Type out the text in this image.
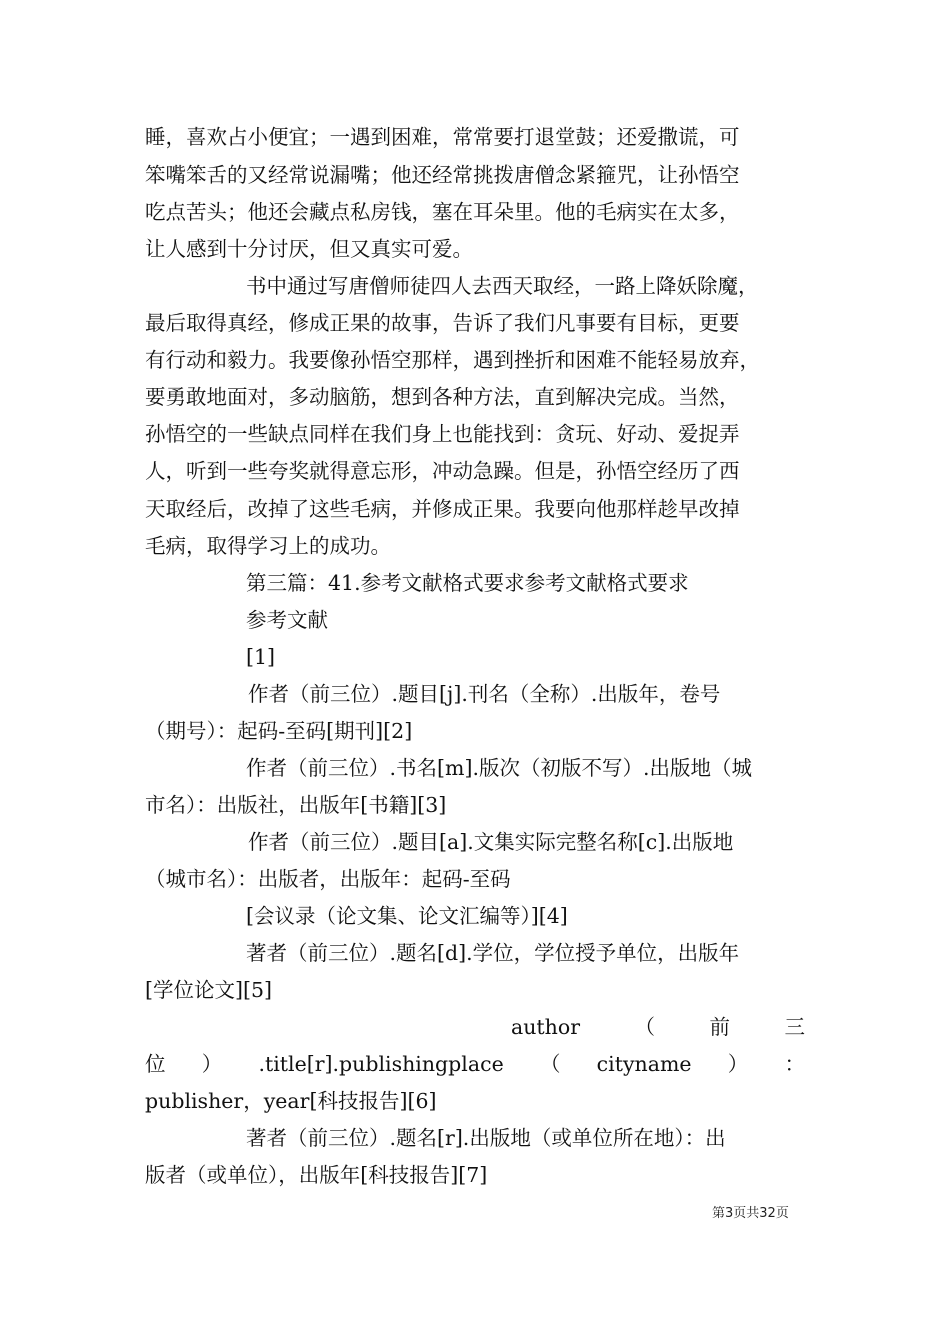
睡，喜欢占小便宜；一遇到困难，常常要打退堂鼓；还爱撒谎，可
笨嘴笨舌的又经常说漏嘴；他还经常挑拨唐僧念紧箍咒，让孙悟空
吃点苦头；他还会藏点私房钱，塞在耳朵里。他的毛病实在太多，
让人感到十分讨厌，但又真实可爱。
书中通过写唐僧师徒四人去西天取经，一路上降妖除魔，
最后取得真经，修成正果的故事，告诉了我们凡事要有目标，更要
有行动和毅力。我要像孙悟空那样，遇到挫折和困难不能轻易放弃，
要勇敢地面对，多动脑筋，想到各种方法，直到解决完成。当然，
孙悟空的一些缺点同样在我们身上也能找到：贪玩、好动、爱捉弄
人，听到一些夸奖就得意忘形，冲动急躁。但是，孙悟空经历了西
天取经后，改掉了这些毛病，并修成正果。我要向他那样趁早改掉
毛病，取得学习上的成功。
第三篇：41.参考文献格式要求参考文献格式要求
参考文献
[1]
作者（前三位）.题目[j].刊名（全称）.出版年，卷号
（期号）：起码-至码[期刊][2]
作者（前三位）.书名[m].版次（初版不写）.出版地（城
市名）：出版社，出版年[书籍][3]
作者（前三位）.题目[a].文集实际完整名称[c].出版地
（城市名）：出版者，出版年：起码-至码
[会议录（论文集、论文汇编等）][4]
著者（前三位）.题名[d].学位，学位授予单位，出版年
[学位论文][5]
author	（	前	三
位 ） .title[r].publishingplace （ cityname ） ：
publisher，year[科技报告][6]
著者（前三位）.题名[r].出版地（或单位所在地）：出
版者（或单位），出版年[科技报告][7]
第3页共32页
